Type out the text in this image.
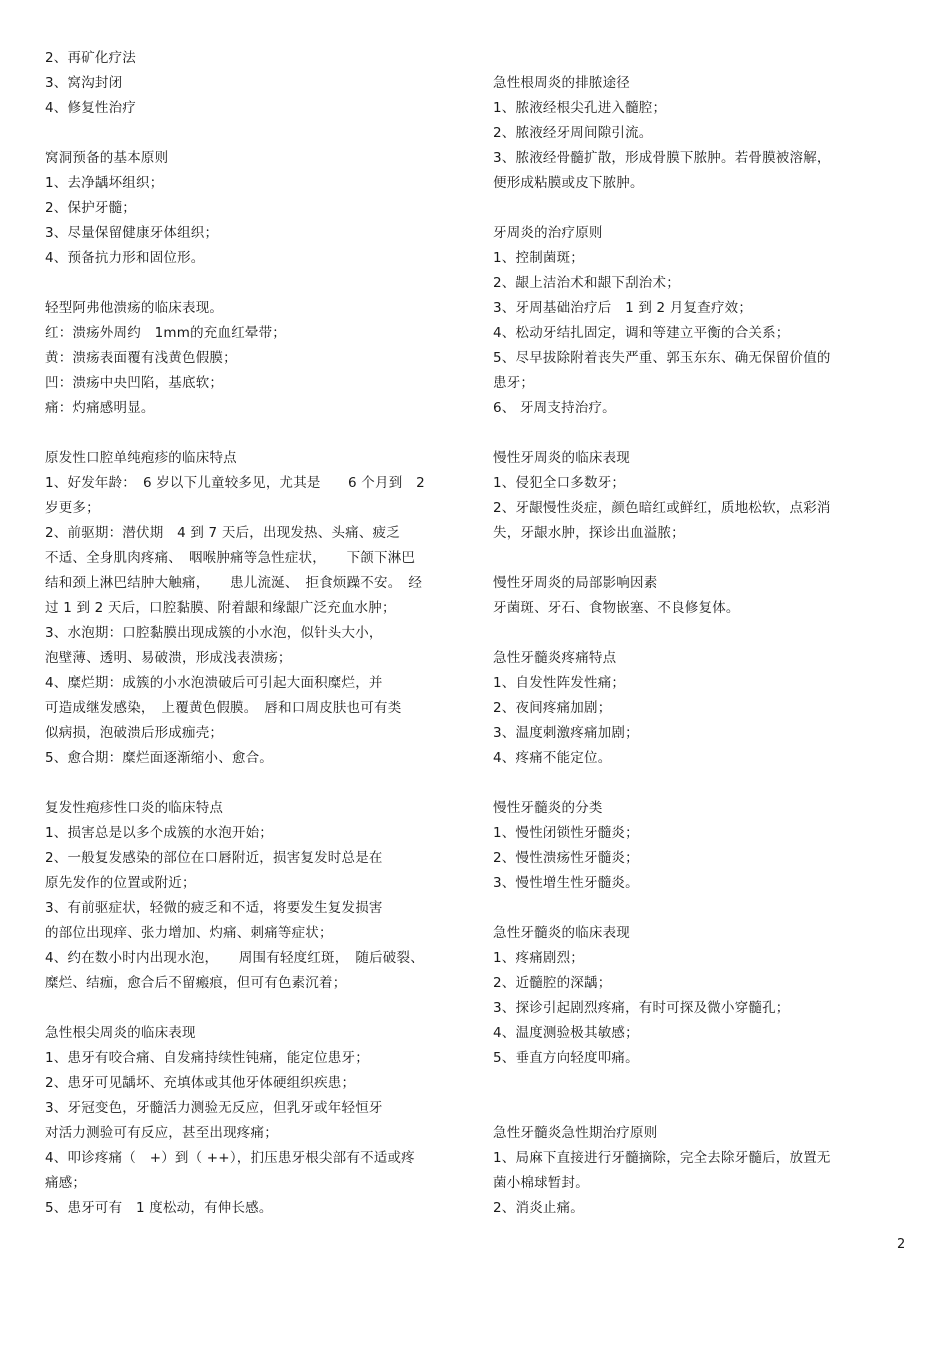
2、再矿化疗法
3、窝沟封闭
4、修复性治疗
窝洞预备的基本原则
1、去净龋坏组织；
2、保护牙髓；
3、尽量保留健康牙体组织；
4、预备抗力形和固位形。
轻型阿弗他溃疡的临床表现。
红：溃疡外周约　1mm的充血红晕带；
黄：溃疡表面覆有浅黄色假膜；
凹：溃疡中央凹陷，基底软；
痛：灼痛感明显。
原发性口腔单纯疱疹的临床特点
1、好发年龄：　6 岁以下儿童较多见，尤其是　　6 个月到　2
岁更多；
2、前驱期：潜伏期　4 到 7 天后，出现发热、头痛、疲乏
不适、全身肌肉疼痛、　咽喉肿痛等急性症状，　　下颌下淋巴
结和颈上淋巴结肿大触痛，　　患儿流涎、　拒食烦躁不安。　经
过 1 到 2 天后，口腔黏膜、附着龈和缘龈广泛充血水肿；
3、水泡期：口腔黏膜出现成簇的小水泡，似针头大小，
泡壁薄、透明、易破溃，形成浅表溃疡；
4、糜烂期：成簇的小水泡溃破后可引起大面积糜烂，并
可造成继发感染，　上覆黄色假膜。　唇和口周皮肤也可有类
似病损，泡破溃后形成痂壳；
5、愈合期：糜烂面逐渐缩小、愈合。
复发性疱疹性口炎的临床特点
1、损害总是以多个成簇的水泡开始；
2、一般复发感染的部位在口唇附近，损害复发时总是在
原先发作的位置或附近；
3、有前驱症状，轻微的疲乏和不适，将要发生复发损害
的部位出现痒、张力增加、灼痛、刺痛等症状；
4、约在数小时内出现水泡，　　周围有轻度红斑，　随后破裂、
糜烂、结痂，愈合后不留瘢痕，但可有色素沉着；
急性根尖周炎的临床表现
1、患牙有咬合痛、自发痛持续性钝痛，能定位患牙；
2、患牙可见龋坏、充填体或其他牙体硬组织疾患；
3、牙冠变色，牙髓活力测验无反应，但乳牙或年轻恒牙
对活力测验可有反应，甚至出现疼痛；
4、叩诊疼痛（　+）到（ ++），扪压患牙根尖部有不适或疼
痛感；
5、患牙可有　1 度松动，有伸长感。
急性根周炎的排脓途径
1、脓液经根尖孔进入髓腔；
2、脓液经牙周间隙引流。
3、脓液经骨髓扩散，形成骨膜下脓肿。若骨膜被溶解，
便形成粘膜或皮下脓肿。
牙周炎的治疗原则
1、控制菌斑；
2、龈上洁治术和龈下刮治术；
3、牙周基础治疗后　1 到 2 月复查疗效；
4、松动牙结扎固定，调和等建立平衡的合关系；
5、尽早拔除附着丧失严重、郭玉东东、确无保留价值的
患牙；
6、 牙周支持治疗。
慢性牙周炎的临床表现
1、侵犯全口多数牙；
2、牙龈慢性炎症，颜色暗红或鲜红，质地松软，点彩消
失，牙龈水肿，探诊出血溢脓；
慢性牙周炎的局部影响因素
牙菌斑、牙石、食物嵌塞、不良修复体。
急性牙髓炎疼痛特点
1、自发性阵发性痛；
2、夜间疼痛加剧；
3、温度刺激疼痛加剧；
4、疼痛不能定位。
慢性牙髓炎的分类
1、慢性闭锁性牙髓炎；
2、慢性溃疡性牙髓炎；
3、慢性增生性牙髓炎。
急性牙髓炎的临床表现
1、疼痛剧烈；
2、近髓腔的深龋；
3、探诊引起剧烈疼痛，有时可探及微小穿髓孔；
4、温度测验极其敏感；
5、垂直方向轻度叩痛。
急性牙髓炎急性期治疗原则
1、局麻下直接进行牙髓摘除，完全去除牙髓后，放置无
菌小棉球暂封。
2、消炎止痛。
2
